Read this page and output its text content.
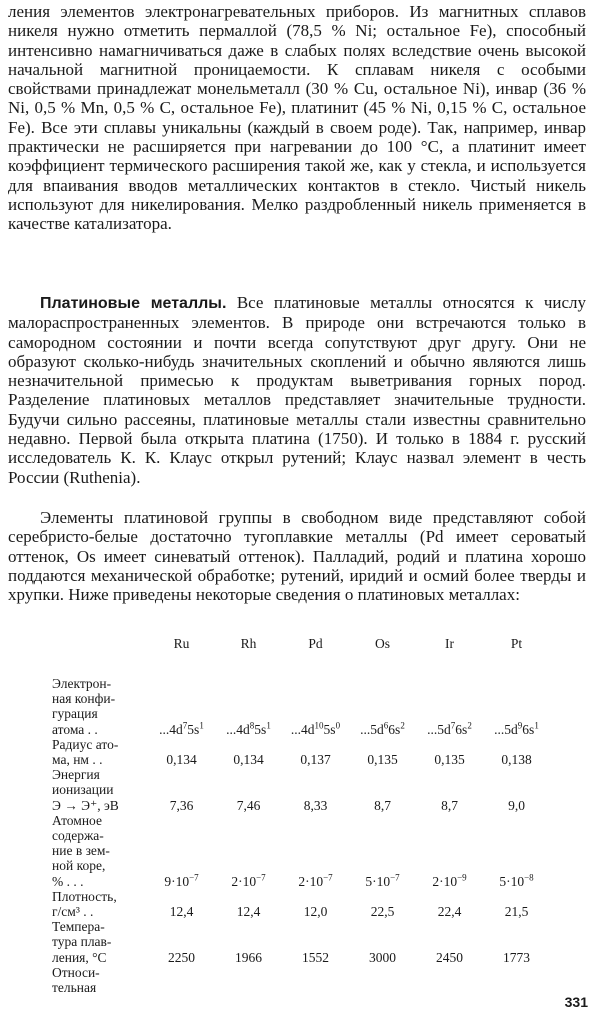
ления элементов электронагревательных приборов. Из магнитных сплавов никеля нужно отметить пермаллой (78,5 % Ni; остальное Fe), способный интенсивно намагничиваться даже в слабых полях вследствие очень высокой начальной магнитной проницаемости. К сплавам никеля с особыми свойствами принадлежат монельметалл (30 % Cu, остальное Ni), инвар (36 % Ni, 0,5 % Mn, 0,5 % C, остальное Fe), платинит (45 % Ni, 0,15 % C, остальное Fe). Все эти сплавы уникальны (каждый в своем роде). Так, например, инвар практически не расширяется при нагревании до 100 °C, а платинит имеет коэффициент термического расширения такой же, как у стекла, и используется для впаивания вводов металлических контактов в стекло. Чистый никель используют для никелирования. Мелко раздробленный никель применяется в качестве катализатора.

Платиновые металлы. Все платиновые металлы относятся к числу малораспространенных элементов. В природе они встречаются только в самородном состоянии и почти всегда сопутствуют друг другу. Они не образуют сколько-нибудь значительных скоплений и обычно являются лишь незначительной примесью к продуктам выветривания горных пород. Разделение платиновых металлов представляет значительные трудности. Будучи сильно рассеяны, платиновые металлы стали известны сравнительно недавно. Первой была открыта платина (1750). И только в 1884 г. русский исследователь К. К. Клаус открыл рутений; Клаус назвал элемент в честь России (Ruthenia).

Элементы платиновой группы в свободном виде представляют собой серебристо-белые достаточно тугоплавкие металлы (Pd имеет сероватый оттенок, Os имеет синеватый оттенок). Палладий, родий и платина хорошо поддаются механической обработке; рутений, иридий и осмий более тверды и хрупки. Ниже приведены некоторые сведения о платиновых металлах:

	Ru	Rh	Pd	Os	Ir	Pt

Электрон-
ная конфи-
гурация
атома . .	$...4d^75s^1$	$...4d^85s^1$	$...4d^{10}5s^0$	$...5d^66s^2$	$...5d^76s^2$	$...5d^96s^1$

Радиус ато-
ма, нм . .	0,134	0,134	0,137	0,135	0,135	0,138

Энергия
ионизации
Э → Э⁺, эВ	7,36	7,46	8,33	8,7	8,7	9,0

Атомное
содержа-
ние в зем-
ной коре,
% . . .	$9\cdot 10^{-7}$	$2\cdot 10^{-7}$	$2\cdot 10^{-7}$	$5\cdot 10^{-7}$	$2\cdot 10^{-9}$	$5\cdot 10^{-8}$

Плотность,
г/см³ . .	12,4	12,4	12,0	22,5	22,4	21,5

Темпера-
тура плав-
ления, °C	2250	1966	1552	3000	2450	1773

Относи-
тельная						

331
